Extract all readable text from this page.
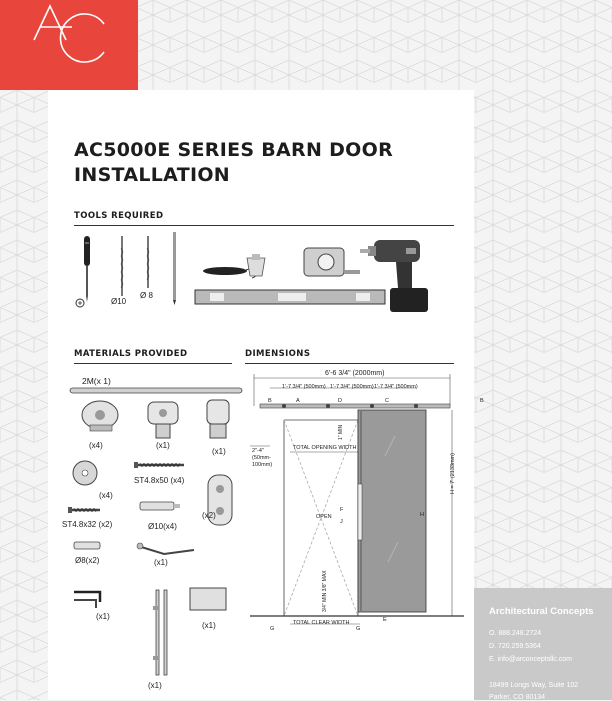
AC5000E SERIES BARN DOOR
INSTALLATION
TOOLS REQUIRED
Ø10
Ø 8
MATERIALS PROVIDED
2M(x 1)
(x4)	(x1)
(x1)
(x4)
ST4.8x50 (x4)
ST4.8x32 (x2)	Ø10(x4)
(x2)
Ø8(x2)	(x1)
(x1)
(x1)
(x1)
DIMENSIONS
6'-6 3/4" (2000mm)
1'-7 3/4" (500mm) 1'-7 3/4" (500mm) 1'-7 3/4" (500mm)
2"-4" (50mm-100mm)
TOTAL OPENING WIDTH
TOTAL CLEAR WIDTH
OPEN
H = 7' (2133mm)
1" MIN
3/4" MIN 3/8" MAX
A
B	B
C
D
E
F
G	G
H
J
Architectural Concepts
O. 888.248.2724
D. 720.259.5364
E. info@arconceptsllc.com
18499 Longs Way, Suite 102
Parker, CO 80134
